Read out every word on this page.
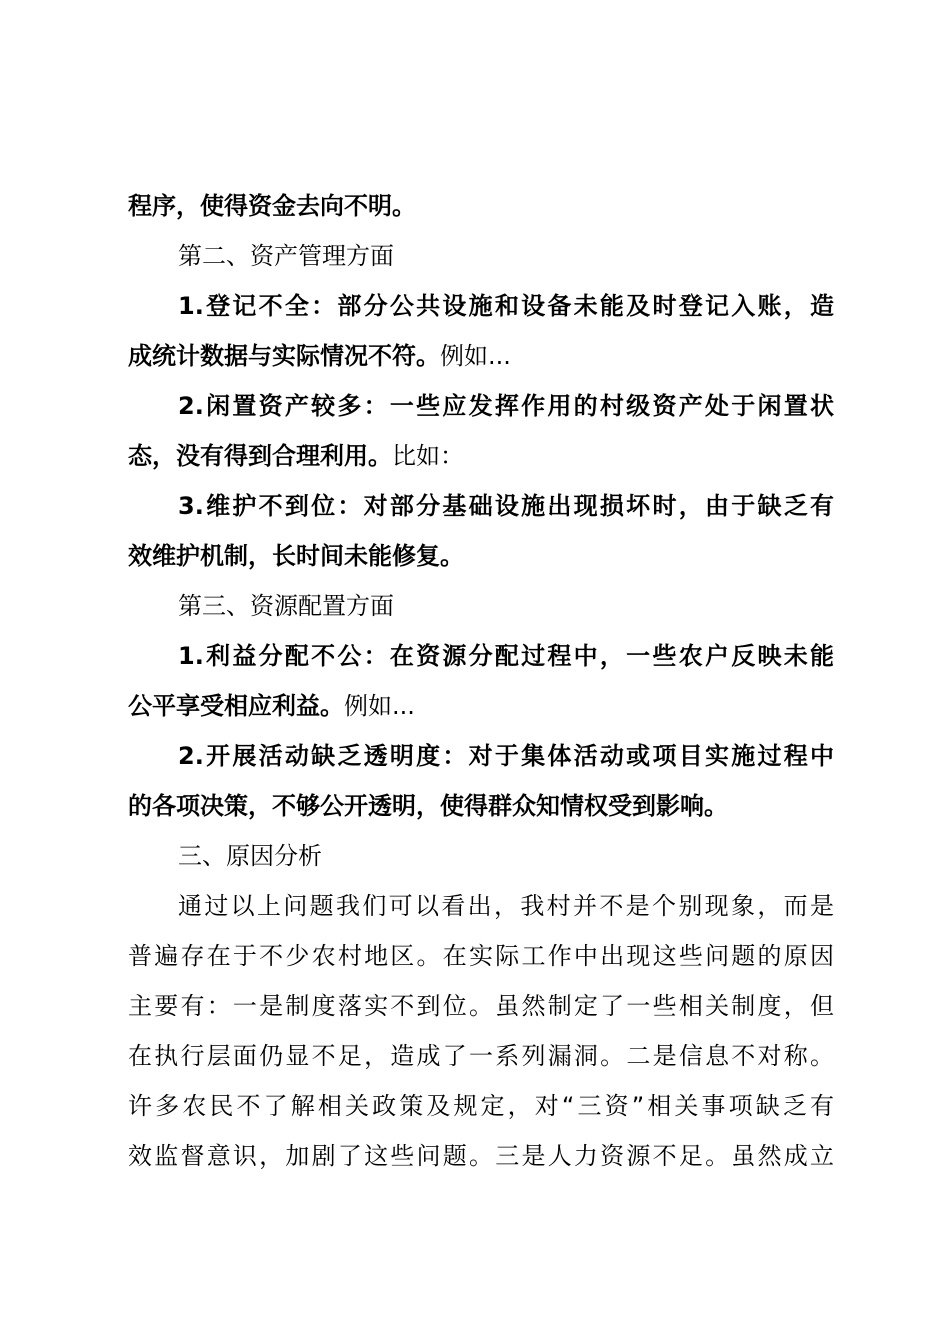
程序，使得资金去向不明。
第二、资产管理方面
1.登记不全：部分公共设施和设备未能及时登记入账，造
成统计数据与实际情况不符。例如...
2.闲置资产较多：一些应发挥作用的村级资产处于闲置状
态，没有得到合理利用。比如：
3.维护不到位：对部分基础设施出现损坏时，由于缺乏有
效维护机制，长时间未能修复。
第三、资源配置方面
1.利益分配不公：在资源分配过程中，一些农户反映未能
公平享受相应利益。例如...
2.开展活动缺乏透明度：对于集体活动或项目实施过程中
的各项决策，不够公开透明，使得群众知情权受到影响。
三、原因分析
通过以上问题我们可以看出，我村并不是个别现象，而是
普遍存在于不少农村地区。在实际工作中出现这些问题的原因
主要有：一是制度落实不到位。虽然制定了一些相关制度，但
在执行层面仍显不足，造成了一系列漏洞。二是信息不对称。
许多农民不了解相关政策及规定，对“三资”相关事项缺乏有
效监督意识，加剧了这些问题。三是人力资源不足。虽然成立
